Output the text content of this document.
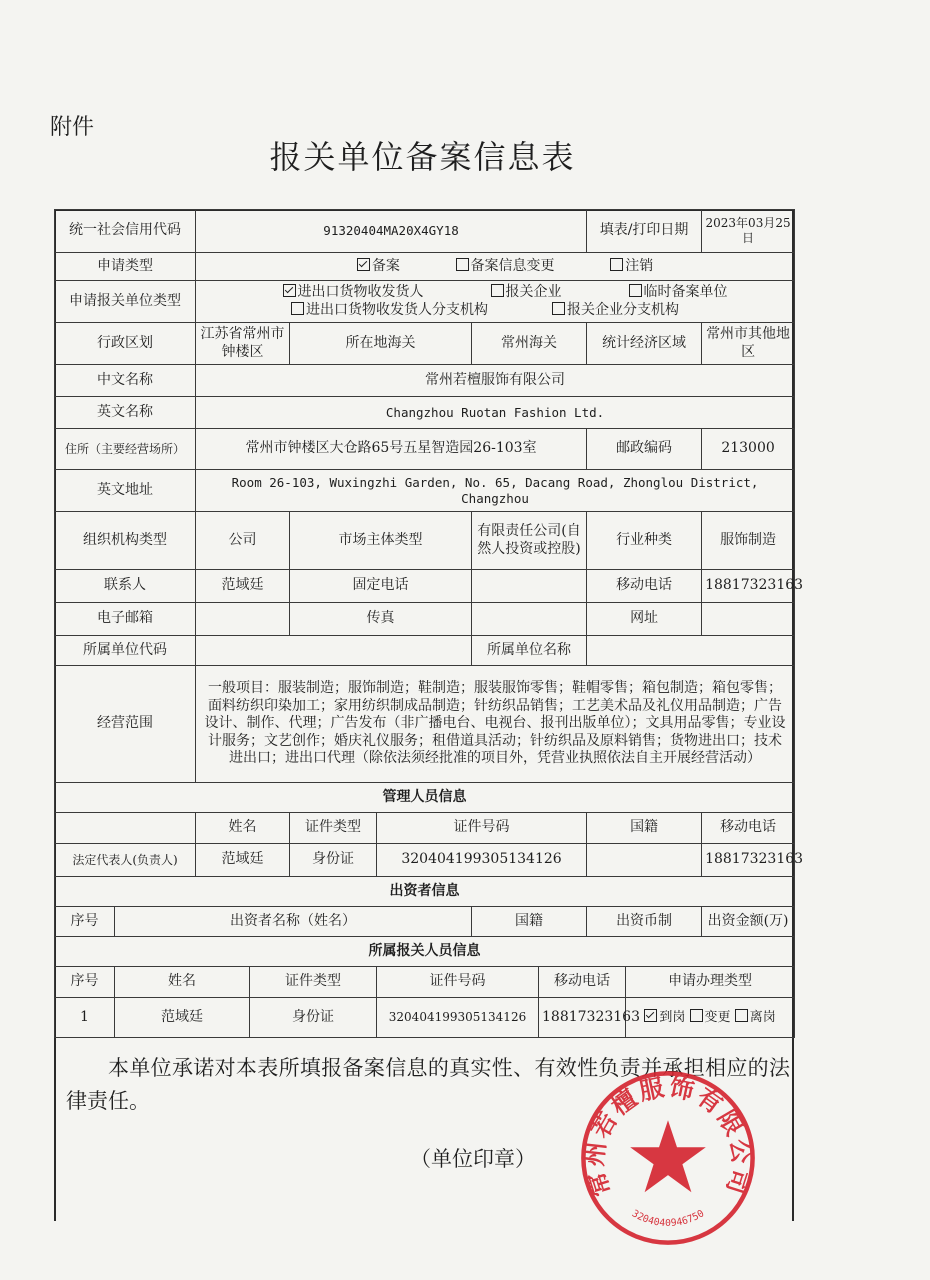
附件
报关单位备案信息表
统一社会信用代码		91320404MA20X4GY18						填表/打印日期		2023年03月25日
申请类型		备案 备案信息变更 注销								

申请报关单位类型		进出口货物收发货人 报关企业 临时备案单位
进出口货物收发货人分支机构 报关企业分支机构								

行政区划		江苏省常州市钟楼区		所在地海关		常州海关		统计经济区域		常州市其他地区
中文名称		常州若檀服饰有限公司								
英文名称		Changzhou Ruotan Fashion Ltd.								
住所（主要经营场所）		常州市钟楼区大仓路65号五星智造园26-103室						邮政编码		213000
英文地址		Room 26-103, Wuxingzhi Garden, No. 65, Dacang Road, Zhonglou District, Changzhou								
组织机构类型		公司		市场主体类型		有限责任公司(自然人投资或控股)		行业种类		服饰制造
联系人		范域廷		固定电话				移动电话		18817323163
电子邮箱				传真				网址		
所属单位代码						所属单位名称				
经营范围		一般项目：服装制造；服饰制造；鞋制造；服装服饰零售；鞋帽零售；箱包制造；箱包零售；面料纺织印染加工；家用纺织制成品制造；针纺织品销售；工艺美术品及礼仪用品制造；广告设计、制作、代理；广告发布（非广播电台、电视台、报刊出版单位）；文具用品零售；专业设计服务；文艺创作；婚庆礼仪服务；租借道具活动；针纺织品及原料销售；货物进出口；技术进出口；进出口代理（除依法须经批准的项目外，凭营业执照依法自主开展经营活动）								
管理人员信息										
		姓名		证件类型	证件号码			国籍		移动电话
法定代表人(负责人)		范域廷		身份证	320404199305134126					18817323163
出资者信息										
序号	出资者名称（姓名）					国籍		出资币制		出资金额(万)
所属报关人员信息										
序号	姓名		证件类型		证件号码		移动电话		申请办理类型	
1	范域廷		身份证		320404199305134126		18817323163		到岗 变更 离岗	
本单位承诺对本表所填报备案信息的真实性、有效性负责并承担相应的法律责任。
（单位印章）
常州若檀服饰有限公司
3204040946750
